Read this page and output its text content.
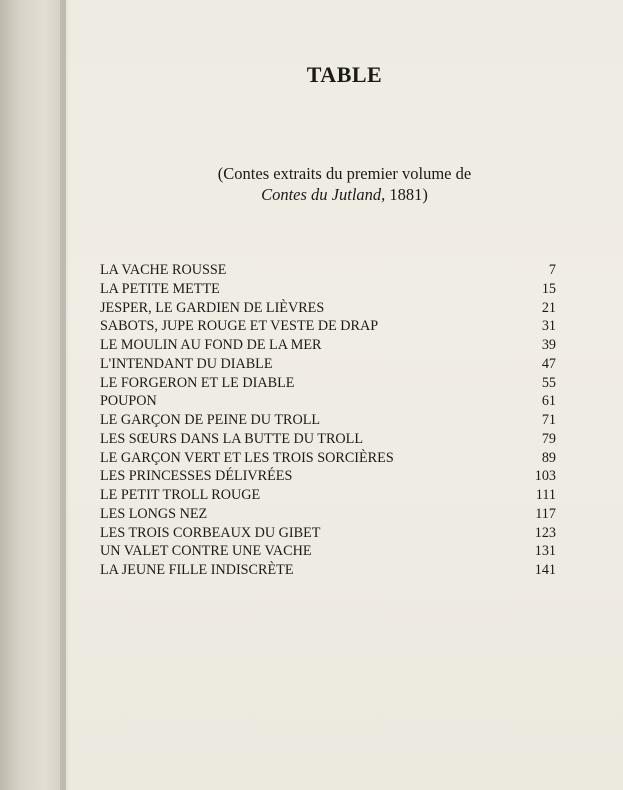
TABLE
(Contes extraits du premier volume de
Contes du Jutland, 1881)
LA VACHE ROUSSE	7
LA PETITE METTE	15
JESPER, LE GARDIEN DE LIÈVRES	21
SABOTS, JUPE ROUGE ET VESTE DE DRAP	31
LE MOULIN AU FOND DE LA MER	39
L'INTENDANT DU DIABLE	47
LE FORGERON ET LE DIABLE	55
POUPON	61
LE GARÇON DE PEINE DU TROLL	71
LES SŒURS DANS LA BUTTE DU TROLL	79
LE GARÇON VERT ET LES TROIS SORCIÈRES	89
LES PRINCESSES DÉLIVRÉES	103
LE PETIT TROLL ROUGE	111
LES LONGS NEZ	117
LES TROIS CORBEAUX DU GIBET	123
UN VALET CONTRE UNE VACHE	131
LA JEUNE FILLE INDISCRÈTE	141
